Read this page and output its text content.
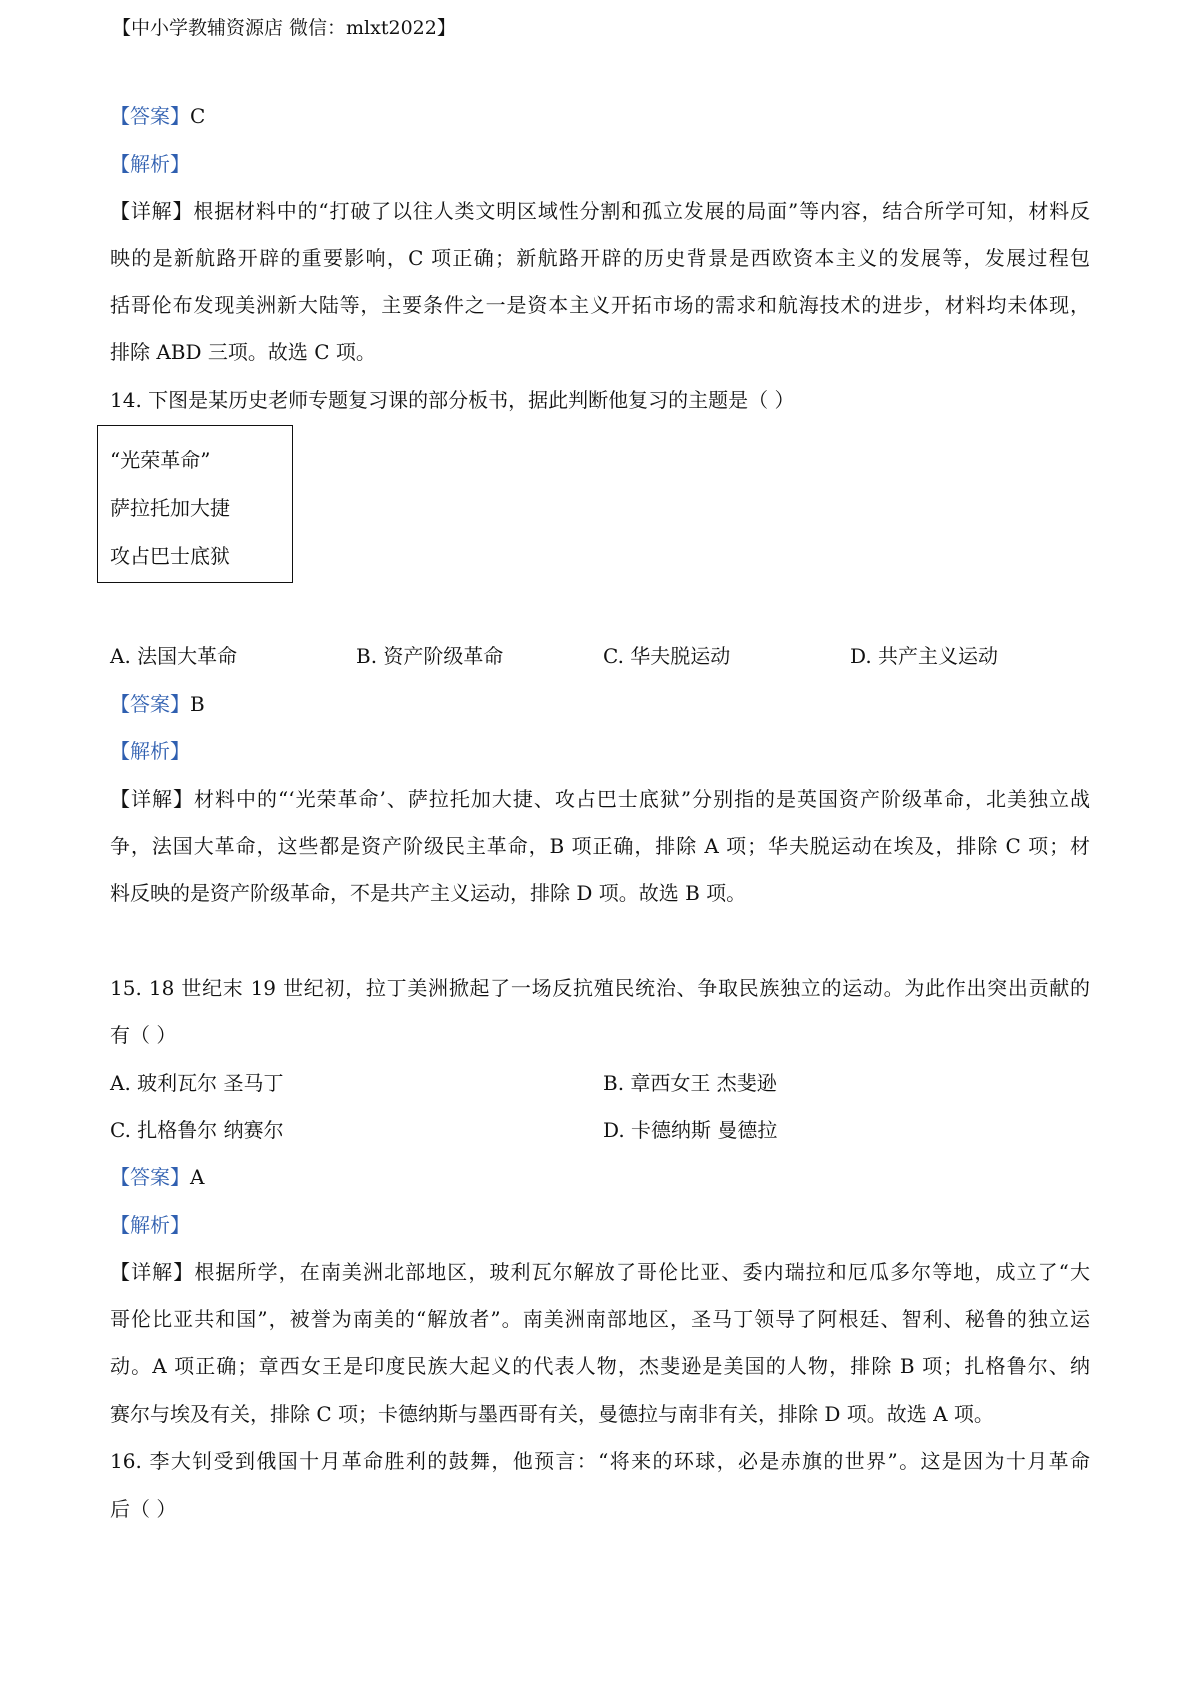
【中小学教辅资源店 微信：mlxt2022】
【答案】C
【解析】
【详解】根据材料中的“打破了以往人类文明区域性分割和孤立发展的局面”等内容，结合所学可知，材料反
映的是新航路开辟的重要影响，C 项正确；新航路开辟的历史背景是西欧资本主义的发展等，发展过程包
括哥伦布发现美洲新大陆等，主要条件之一是资本主义开拓市场的需求和航海技术的进步，材料均未体现，
排除 ABD 三项。故选 C 项。
14. 下图是某历史老师专题复习课的部分板书，据此判断他复习的主题是（ ）
“光荣革命”
萨拉托加大捷
攻占巴士底狱
A. 法国大革命	B. 资产阶级革命	C. 华夫脱运动	D. 共产主义运动
【答案】B
【解析】
【详解】材料中的“‘光荣革命’、萨拉托加大捷、攻占巴士底狱”分别指的是英国资产阶级革命，北美独立战
争，法国大革命，这些都是资产阶级民主革命，B 项正确，排除 A 项；华夫脱运动在埃及，排除 C 项；材
料反映的是资产阶级革命，不是共产主义运动，排除 D 项。故选 B 项。
15. 18 世纪末 19 世纪初，拉丁美洲掀起了一场反抗殖民统治、争取民族独立的运动。为此作出突出贡献的
有（ ）
A. 玻利瓦尔 圣马丁	B. 章西女王 杰斐逊
C. 扎格鲁尔 纳赛尔	D. 卡德纳斯 曼德拉
【答案】A
【解析】
【详解】根据所学，在南美洲北部地区，玻利瓦尔解放了哥伦比亚、委内瑞拉和厄瓜多尔等地，成立了“大
哥伦比亚共和国”，被誉为南美的“解放者”。南美洲南部地区，圣马丁领导了阿根廷、智利、秘鲁的独立运
动。A 项正确；章西女王是印度民族大起义的代表人物，杰斐逊是美国的人物，排除 B 项；扎格鲁尔、纳
赛尔与埃及有关，排除 C 项；卡德纳斯与墨西哥有关，曼德拉与南非有关，排除 D 项。故选 A 项。
16. 李大钊受到俄国十月革命胜利的鼓舞，他预言：“将来的环球，必是赤旗的世界”。这是因为十月革命
后（ ）
